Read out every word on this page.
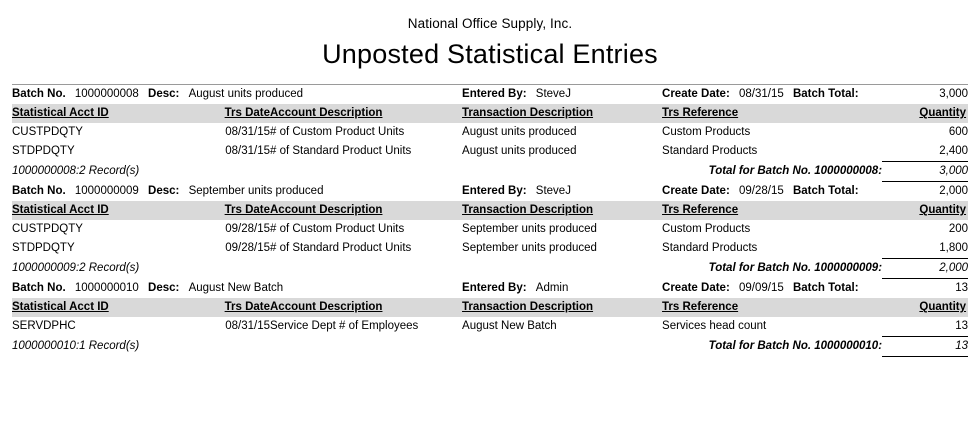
National Office Supply, Inc.
Unposted Statistical Entries
Batch No. 1000000008 Desc: August units produced			Entered By: SteveJ	Create Date: 08/31/15 Batch Total:	3,000
Statistical Acct ID	Trs Date	Account Description	Transaction Description	Trs Reference	Quantity
CUSTPDQTY	08/31/15	# of Custom Product Units	August units produced	Custom Products	600
STDPDQTY	08/31/15	# of Standard Product Units	August units produced	Standard Products	2,400
1000000008:2 Record(s)			Total for Batch No. 1000000008:		3,000
Batch No. 1000000009 Desc: September units produced			Entered By: SteveJ	Create Date: 09/28/15 Batch Total:	2,000
Statistical Acct ID	Trs Date	Account Description	Transaction Description	Trs Reference	Quantity
CUSTPDQTY	09/28/15	# of Custom Product Units	September units produced	Custom Products	200
STDPDQTY	09/28/15	# of Standard Product Units	September units produced	Standard Products	1,800
1000000009:2 Record(s)			Total for Batch No. 1000000009:		2,000
Batch No. 1000000010 Desc: August New Batch			Entered By: Admin	Create Date: 09/09/15 Batch Total:	13
Statistical Acct ID	Trs Date	Account Description	Transaction Description	Trs Reference	Quantity
SERVDPHC	08/31/15	Service Dept # of Employees	August New Batch	Services head count	13
1000000010:1 Record(s)			Total for Batch No. 1000000010:		13
